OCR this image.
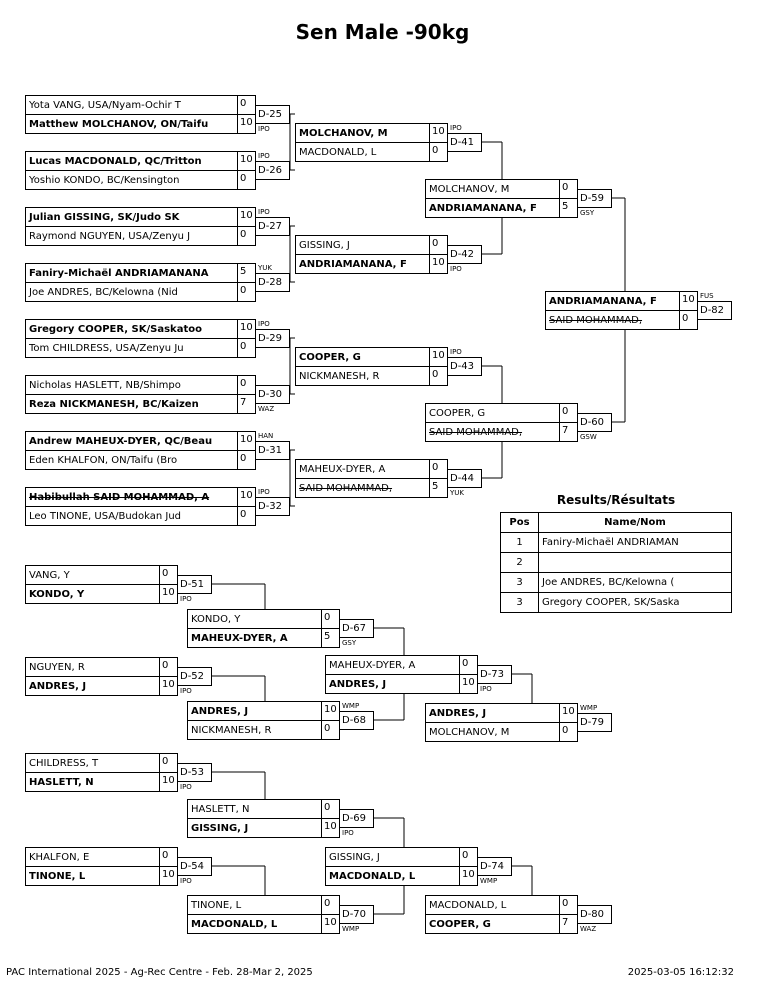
Sen Male -90kg
IPO
Yota VANG, USA/Nyam-Ochir T	0
Matthew MOLCHANOV, ON/Taifu	10
D-25
IPO
Lucas MACDONALD, QC/Tritton	10
Yoshio KONDO, BC/Kensington	0
D-26
IPO
Julian GISSING, SK/Judo SK	10
Raymond NGUYEN, USA/Zenyu J	0
D-27
YUK
Faniry-Michaël ANDRIAMANANA	5
Joe ANDRES, BC/Kelowna (Nid	0
D-28
IPO
Gregory COOPER, SK/Saskatoo	10
Tom CHILDRESS, USA/Zenyu Ju	0
D-29
WAZ
Nicholas HASLETT, NB/Shimpo	0
Reza NICKMANESH, BC/Kaizen	7
D-30
HAN
Andrew MAHEUX-DYER, QC/Beau	10
Eden KHALFON, ON/Taifu (Bro	0
D-31
IPO
Habibullah SAID MOHAMMAD, A	10
Leo TINONE, USA/Budokan Jud	0
D-32
IPO
MOLCHANOV, M	10
MACDONALD, L	0
D-41
IPO
GISSING, J	0
ANDRIAMANANA, F	10
D-42
IPO
COOPER, G	10
NICKMANESH, R	0
D-43
YUK
MAHEUX-DYER, A	0
SAID MOHAMMAD,	5
D-44
GSY
MOLCHANOV, M	0
ANDRIAMANANA, F	5
D-59
GSW
COOPER, G	0
SAID MOHAMMAD,	7
D-60
FUS
ANDRIAMANANA, F	10
SAID MOHAMMAD,	0
D-82
IPO
VANG, Y	0
KONDO, Y	10
D-51
IPO
NGUYEN, R	0
ANDRES, J	10
D-52
IPO
CHILDRESS, T	0
HASLETT, N	10
D-53
IPO
KHALFON, E	0
TINONE, L	10
D-54
GSY
KONDO, Y	0
MAHEUX-DYER, A	5
D-67
WMP
ANDRES, J	10
NICKMANESH, R	0
D-68
IPO
HASLETT, N	0
GISSING, J	10
D-69
WMP
TINONE, L	0
MACDONALD, L	10
D-70
IPO
MAHEUX-DYER, A	0
ANDRES, J	10
D-73
WMP
GISSING, J	0
MACDONALD, L	10
D-74
WMP
ANDRES, J	10
MOLCHANOV, M	0
D-79
WAZ
MACDONALD, L	0
COOPER, G	7
D-80
Results/Résultats
Pos	Name/Nom
1	Faniry-Michaël ANDRIAMAN
2	
3	Joe ANDRES, BC/Kelowna (
3	Gregory COOPER, SK/Saska
PAC International 2025 - Ag-Rec Centre - Feb. 28-Mar 2, 2025	2025-03-05 16:12:32
